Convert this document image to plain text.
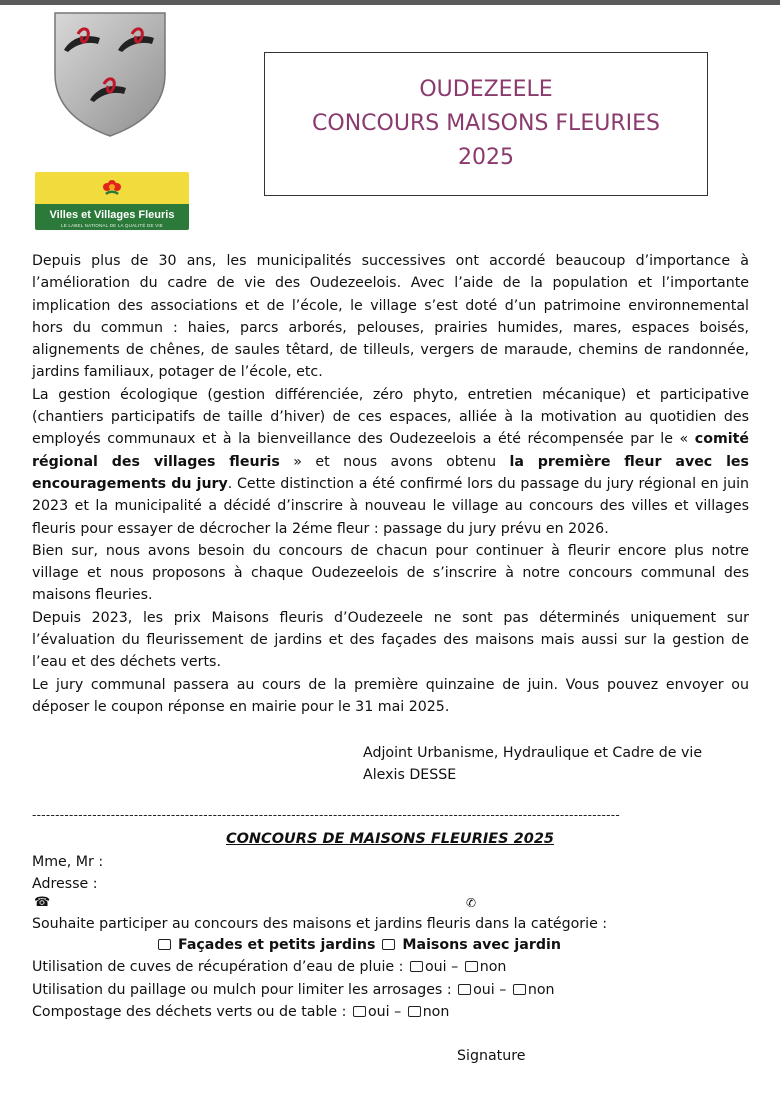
Villes et Villages Fleuris
LE LABEL NATIONAL DE LA QUALITÉ DE VIE
OUDEZEELE
CONCOURS MAISONS FLEURIES
2025

Depuis plus de 30 ans, les municipalités successives ont accordé beaucoup d’importance à l’amélioration du cadre de vie des Oudezeelois. Avec l’aide de la population et l’importante implication des associations et de l’école, le village s’est doté d’un patrimoine environnemental hors du commun : haies, parcs arborés, pelouses, prairies humides, mares, espaces boisés, alignements de chênes, de saules têtard, de tilleuls, vergers de maraude, chemins de randonnée, jardins familiaux, potager de l’école, etc.

La gestion écologique (gestion différenciée, zéro phyto, entretien mécanique) et participative (chantiers participatifs de taille d’hiver) de ces espaces, alliée à la motivation au quotidien des employés communaux et à la bienveillance des Oudezeelois a été récompensée par le « comité régional des villages fleuris » et nous avons obtenu la première fleur avec les encouragements du jury. Cette distinction a été confirmé lors du passage du jury régional en juin 2023 et la municipalité a décidé d’inscrire à nouveau le village au concours des villes et villages fleuris pour essayer de décrocher la 2éme fleur : passage du jury prévu en 2026.

Bien sur, nous avons besoin du concours de chacun pour continuer à fleurir encore plus notre village et nous proposons à chaque Oudezeelois de s’inscrire à notre concours communal des maisons fleuries.

Depuis 2023, les prix Maisons fleuris d’Oudezeele ne sont pas déterminés uniquement sur l’évaluation du fleurissement de jardins et des façades des maisons mais aussi sur la gestion de l’eau et des déchets verts.

Le jury communal passera au cours de la première quinzaine de juin. Vous pouvez envoyer ou déposer le coupon réponse en mairie pour le 31 mai 2025.

Adjoint Urbanisme, Hydraulique et Cadre de vie
Alexis DESSE
-------------------------------------------------------------------------------------------------------------------------------
CONCOURS DE MAISONS FLEURIES 2025
Mme, Mr :
Adresse :
☎	✆
Souhaite participer au concours des maisons et jardins fleuris dans la catégorie :
Façades et petits jardins Maisons avec jardin
Utilisation de cuves de récupération d’eau de pluie : oui – non
Utilisation du paillage ou mulch pour limiter les arrosages : oui – non
Compostage des déchets verts ou de table : oui – non
Signature
